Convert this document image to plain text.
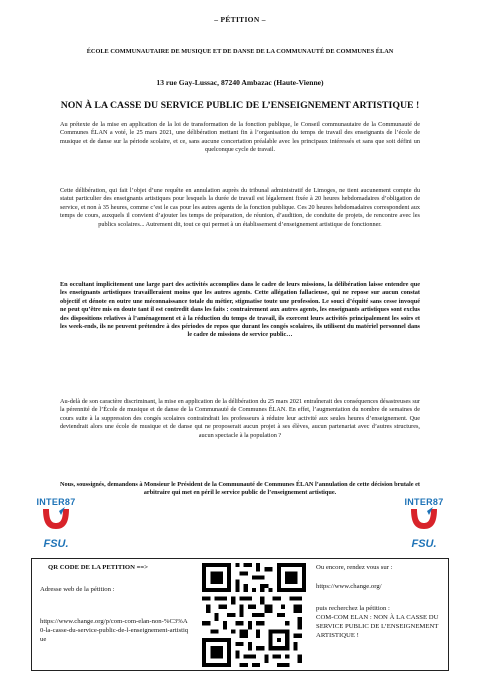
– PÉTITION –
ÉCOLE COMMUNAUTAIRE DE MUSIQUE ET DE DANSE DE LA COMMUNAUTÉ DE COMMUNES ÉLAN
13 rue Gay-Lussac, 87240 Ambazac (Haute-Vienne)
NON À LA CASSE DU SERVICE PUBLIC DE L’ENSEIGNEMENT ARTISTIQUE !
Au prétexte de la mise en application de la loi de transformation de la fonction publique, le Conseil communautaire de la Communauté de Communes ÉLAN a voté, le 25 mars 2021, une délibération mettant fin à l’organisation du temps de travail des enseignants de l’école de musique et de danse sur la période scolaire, et ce, sans aucune concertation préalable avec les principaux intéressés et sans que soit défini un quelconque cycle de travail.
Cette délibération, qui fait l’objet d’une requête en annulation auprès du tribunal administratif de Limoges, ne tient aucunement compte du statut particulier des enseignants artistiques pour lesquels la durée de travail est légalement fixée à 20 heures hebdomadaires d’obligation de service, et non à 35 heures, comme c’est le cas pour les autres agents de la fonction publique. Ces 20 heures hebdomadaires correspondent aux temps de cours, auxquels il convient d’ajouter les temps de préparation, de réunion, d’audition, de conduite de projets, de rencontre avec les publics scolaires... Autrement dit, tout ce qui permet à un établissement d’enseignement artistique de fonctionner.
En occultant implicitement une large part des activités accomplies dans le cadre de leurs missions, la délibération laisse entendre que les enseignants artistiques travailleraient moins que les autres agents. Cette allégation fallacieuse, qui ne repose sur aucun constat objectif et dénote en outre une méconnaissance totale du métier, stigmatise toute une profession. Le souci d’équité sans cesse invoqué ne peut qu’être mis en doute tant il est contredit dans les faits : contrairement aux autres agents, les enseignants artistiques sont exclus des dispositions relatives à l’aménagement et à la réduction du temps de travail, ils exercent leurs activités principalement les soirs et les week-ends, ils ne peuvent prétendre à des périodes de repos que durant les congés scolaires, ils utilisent du matériel personnel dans le cadre de missions de service public…
Au-delà de son caractère discriminant, la mise en application de la délibération du 25 mars 2021 entraînerait des conséquences désastreuses sur la pérennité de l’École de musique et de danse de la Communauté de Communes ÉLAN. En effet, l’augmentation du nombre de semaines de cours suite à la suppression des congés scolaires contraindrait les professeurs à réduire leur activité aux seules heures d’enseignement. Que deviendrait alors une école de musique et de danse qui ne proposerait aucun projet à ses élèves, aucun partenariat avec d’autres structures, aucun spectacle à la population ?
Nous, soussignés, demandons à Monsieur le Président de la Communauté de Communes ÉLAN l’annulation de cette décision brutale et arbitraire qui met en péril le service public de l’enseignement artistique.
INTER87
FSU.
INTER87
FSU.
QR CODE DE LA PETITION ==>
Adresse web de la pétition :
https://www.change.org/p/com-com-elan-non-%C3%A0-la-casse-du-service-public-de-l-enseignement-artistique
Ou encore, rendez vous sur :
https://www.change.org/
puis recherchez la pétition :
COM-COM ELAN : NON À LA CASSE DU SERVICE PUBLIC DE L’ENSEIGNEMENT ARTISTIQUE !
